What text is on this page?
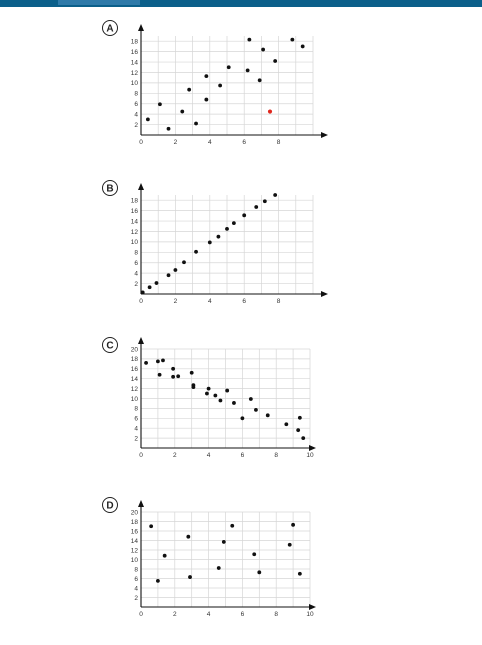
A
0	2	4	6	8
2
4
6
8
10
12
14
16
18
B
0	2	4	6	8
2
4
6
8
10
12
14
16
18
C
0	2	4	6	8	10
2
4
6
8
10
12
14
16
18
20
D
0	2	4	6	8	10
2
4
6
8
10
12
14
16
18
20
